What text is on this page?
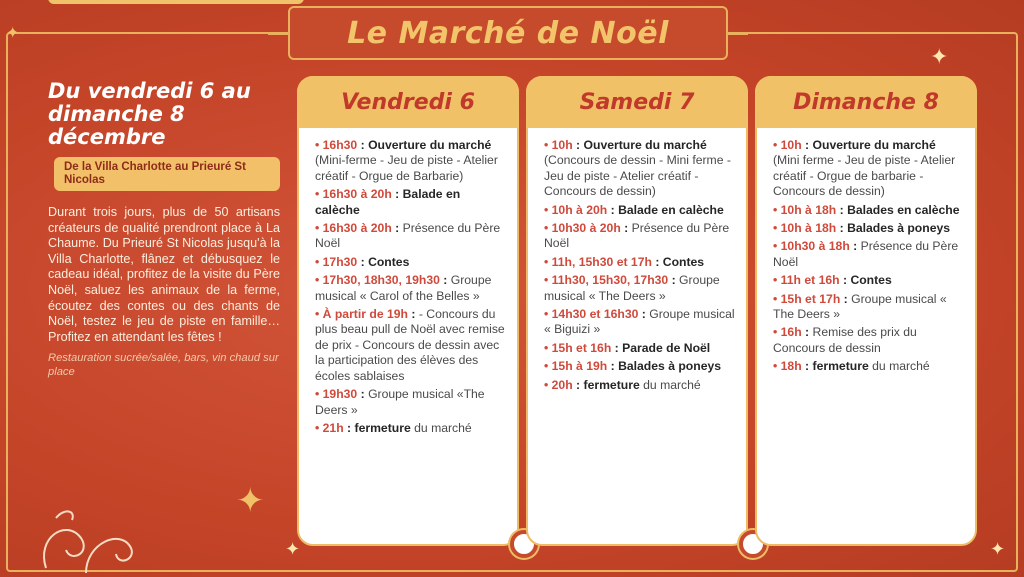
Le Marché de Noël
Du vendredi 6 au dimanche 8 décembre
De la Villa Charlotte au Prieuré St Nicolas

Durant trois jours, plus de 50 artisans créateurs de qualité prendront place à La Chaume. Du Prieuré St Nicolas jusqu'à la Villa Charlotte, flânez et débusquez le cadeau idéal, profitez de la visite du Père Noël, saluez les animaux de la ferme, écoutez des contes ou des chants de Noël, testez le jeu de piste en famille… Profitez en attendant les fêtes !

Restauration sucrée/salée, bars, vin chaud sur place

Vendredi 6
• 16h30 : Ouverture du marché (Mini-ferme - Jeu de piste - Atelier créatif - Orgue de Barbarie)
• 16h30 à 20h : Balade en calèche
• 16h30 à 20h : Présence du Père Noël
• 17h30 : Contes
• 17h30, 18h30, 19h30 : Groupe musical « Carol of the Belles »
• À partir de 19h : - Concours du plus beau pull de Noël avec remise de prix - Concours de dessin avec la participation des élèves des écoles sablaises
• 19h30 : Groupe musical «The Deers »
• 21h : fermeture du marché
Samedi 7
• 10h : Ouverture du marché (Concours de dessin - Mini ferme - Jeu de piste - Atelier créatif - Concours de dessin)
• 10h à 20h : Balade en calèche
• 10h30 à 20h : Présence du Père Noël
• 11h, 15h30 et 17h : Contes
• 11h30, 15h30, 17h30 : Groupe musical « The Deers »
• 14h30 et 16h30 : Groupe musical « Biguizi »
• 15h et 16h : Parade de Noël
• 15h à 19h : Balades à poneys
• 20h : fermeture du marché
Dimanche 8
• 10h : Ouverture du marché (Mini ferme - Jeu de piste - Atelier créatif - Orgue de barbarie - Concours de dessin)
• 10h à 18h : Balades en calèche
• 10h à 18h : Balades à poneys
• 10h30 à 18h : Présence du Père Noël
• 11h et 16h : Contes
• 15h et 17h : Groupe musical « The Deers »
• 16h : Remise des prix du Concours de dessin
• 18h : fermeture du marché
✦
✦
✦	✦
✦
